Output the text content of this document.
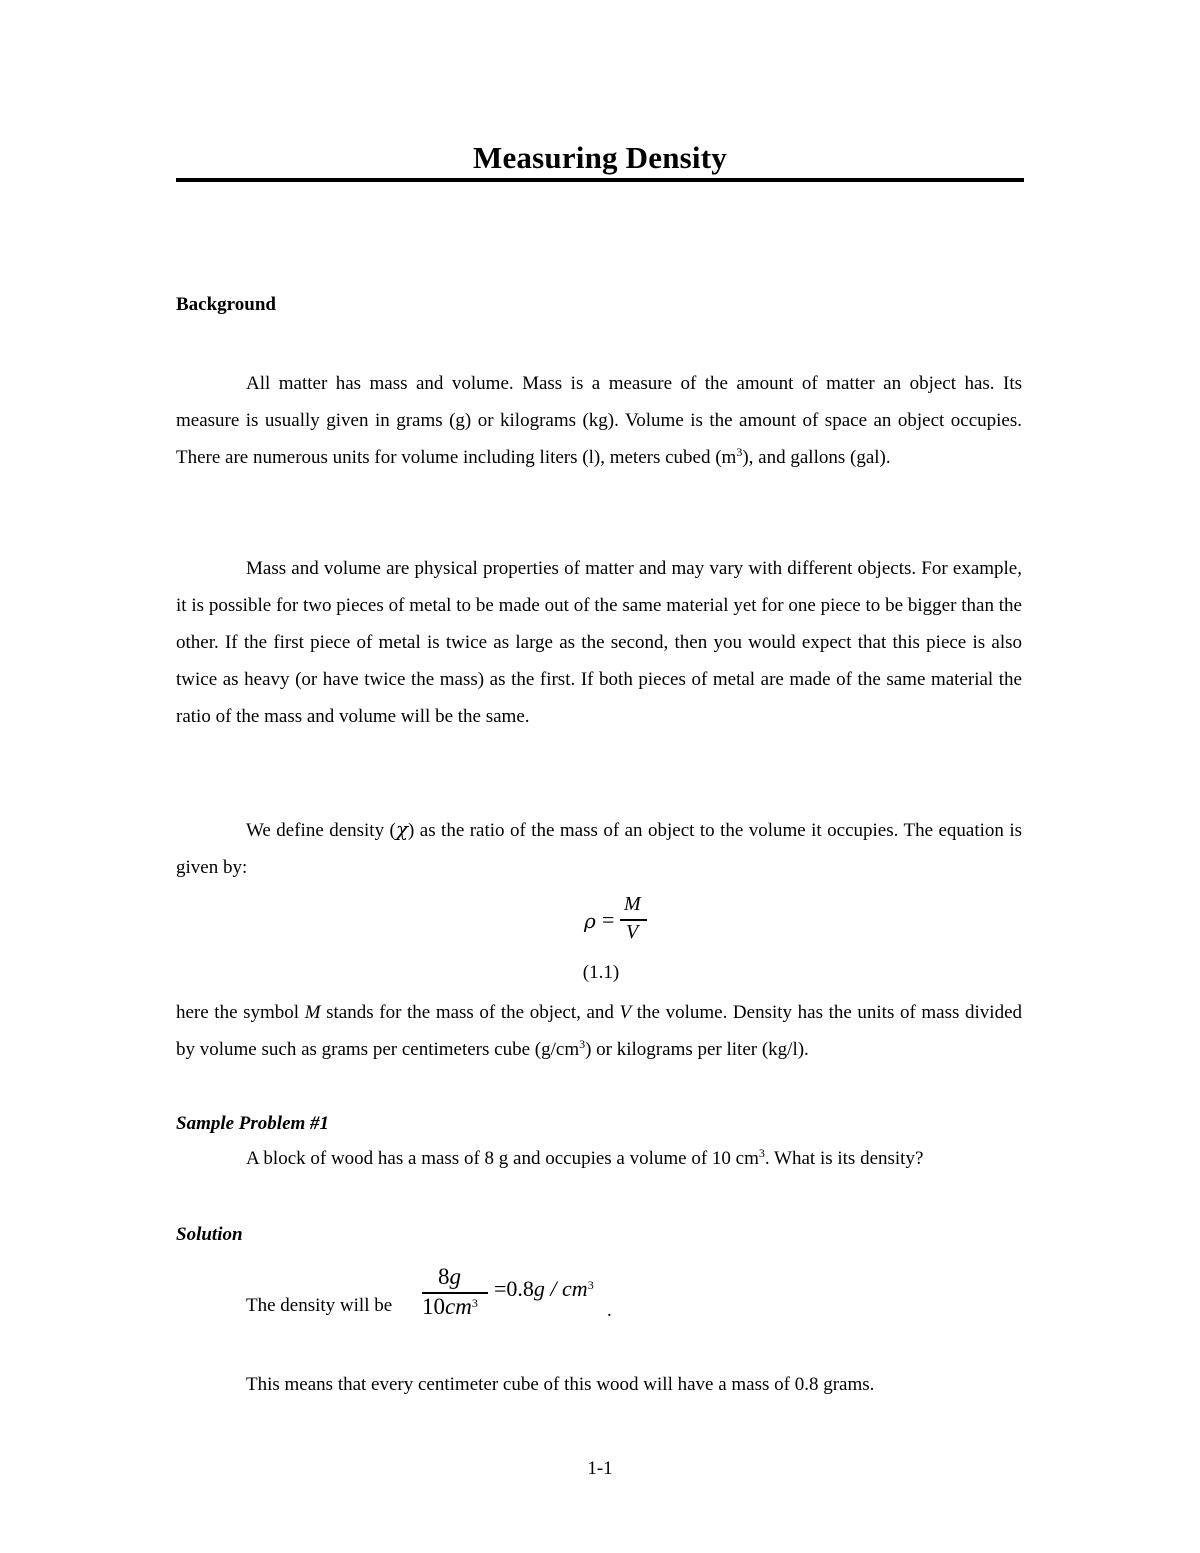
Measuring Density
Background

All matter has mass and volume. Mass is a measure of the amount of matter an object has. Its measure is usually given in grams (g) or kilograms (kg). Volume is the amount of space an object occupies. There are numerous units for volume including liters (l), meters cubed $(m^3)$, and gallons (gal).

Mass and volume are physical properties of matter and may vary with different objects. For example, it is possible for two pieces of metal to be made out of the same material yet for one piece to be bigger than the other. If the first piece of metal is twice as large as the second, then you would expect that this piece is also twice as heavy (or have twice the mass) as the first. If both pieces of metal are made of the same material the ratio of the mass and volume will be the same.

We define density (χ) as the ratio of the mass of an object to the volume it occupies. The equation is given by:

ρ =
M
V
(1.1)

here the symbol M stands for the mass of the object, and V the volume. Density has the units of mass divided by volume such as grams per centimeters cube $(g/cm^3)$ or kilograms per liter (kg/l).

Sample Problem #1
A block of wood has a mass of 8 g and occupies a volume of 10 $cm^3$. What is its density?
Solution
The density will be
8g
$10cm^3$
$=0.8g / cm^3$
.
This means that every centimeter cube of this wood will have a mass of 0.8 grams.
1-1
